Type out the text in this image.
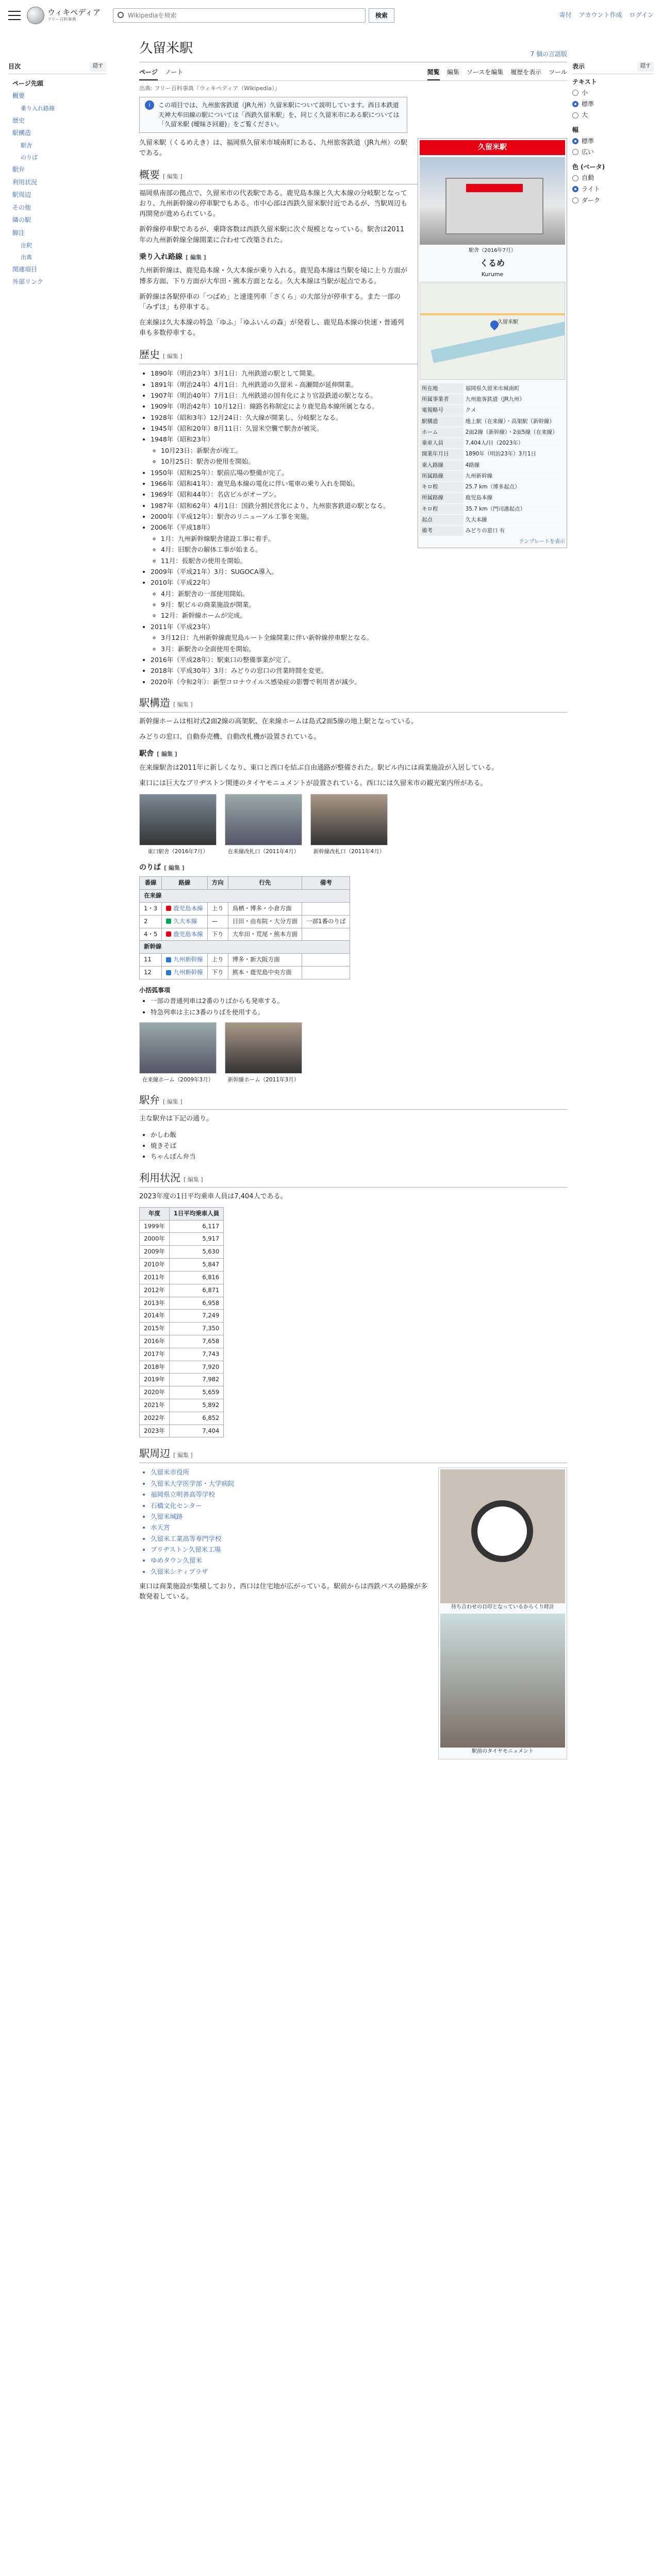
ウィキペディア
フリー百科事典
Wikipediaを検索	検索	寄付 アカウント作成 ログイン
目次	隠す
ページ先頭
概要
乗り入れ路線
歴史
駅構造
駅舎
のりば
駅弁
利用状況
駅周辺
その他
隣の駅
脚注
注釈
出典
関連項目
外部リンク
表示	隠す
テキスト
小
標準
大
幅
標準
広い
色 (ベータ)
自動
ライト
ダーク
久留米駅	7 個の言語版
ページ ノート	閲覧 編集 ソースを編集 履歴を表示 ツール
出典: フリー百科事典『ウィキペディア（Wikipedia）』
i	この項目では、九州旅客鉄道（JR九州）久留米駅について説明しています。西日本鉄道天神大牟田線の駅については「西鉄久留米駅」を、同じく久留米市にある駅については「久留米駅 (曖昧さ回避)」をご覧ください。
久留米駅
駅舎（2016年7月）
くるめ
Kurume
久留米駅
所在地	福岡県久留米市城南町
所属事業者	九州旅客鉄道（JR九州）
電報略号	クメ
駅構造	地上駅（在来線）・高架駅（新幹線）
ホーム	2面2線（新幹線）・2面5線（在来線）
乗車人員	7,404人/日（2023年）
開業年月日	1890年（明治23年）3月1日
乗入路線	4路線
所属路線	九州新幹線
キロ程	25.7 km（博多起点）
所属路線	鹿児島本線
キロ程	35.7 km（門司港起点）
起点	久大本線
備考	みどりの窓口 有
テンプレートを表示

久留米駅（くるめえき）は、福岡県久留米市城南町にある、九州旅客鉄道（JR九州）の駅である。

概要 [ 編集 ]

福岡県南部の拠点で、久留米市の代表駅である。鹿児島本線と久大本線の分岐駅となっており、九州新幹線の停車駅でもある。市中心部は西鉄久留米駅付近であるが、当駅周辺も再開発が進められている。

新幹線停車駅であるが、乗降客数は西鉄久留米駅に次ぐ規模となっている。駅舎は2011年の九州新幹線全線開業に合わせて改築された。

乗り入れ路線 [ 編集 ]

九州新幹線は、鹿児島本線・久大本線が乗り入れる。鹿児島本線は当駅を境に上り方面が博多方面、下り方面が大牟田・熊本方面となる。久大本線は当駅が起点である。

新幹線は各駅停車の「つばめ」と速達列車「さくら」の大部分が停車する。また一部の「みずほ」も停車する。

在来線は久大本線の特急「ゆふ」「ゆふいんの森」が発着し、鹿児島本線の快速・普通列車も多数停車する。

歴史 [ 編集 ]
• 1890年（明治23年）3月1日：九州鉄道の駅として開業。
• 1891年（明治24年）4月1日：九州鉄道の久留米 - 高瀬間が延伸開業。
• 1907年（明治40年）7月1日：九州鉄道の国有化により官設鉄道の駅となる。
• 1909年（明治42年）10月12日：線路名称制定により鹿児島本線所属となる。
• 1928年（昭和3年）12月24日：久大線が開業し、分岐駅となる。
• 1945年（昭和20年）8月11日：久留米空襲で駅舎が被災。
• 1948年（昭和23年）
◦ 10月23日：新駅舎が竣工。
◦ 10月25日：駅舎の使用を開始。
• 1950年（昭和25年）：駅前広場の整備が完了。
• 1966年（昭和41年）：鹿児島本線の電化に伴い電車の乗り入れを開始。
• 1969年（昭和44年）：名店ビルがオープン。
• 1987年（昭和62年）4月1日：国鉄分割民営化により、九州旅客鉄道の駅となる。
• 2000年（平成12年）：駅舎のリニューアル工事を実施。
• 2006年（平成18年）
◦ 1月：九州新幹線駅舎建設工事に着手。
◦ 4月：旧駅舎の解体工事が始まる。
◦ 11月：仮駅舎の使用を開始。
• 2009年（平成21年）3月：SUGOCA導入。
• 2010年（平成22年）
◦ 4月：新駅舎の一部使用開始。
◦ 9月：駅ビルの商業施設が開業。
◦ 12月：新幹線ホームが完成。
• 2011年（平成23年）
◦ 3月12日：九州新幹線鹿児島ルート全線開業に伴い新幹線停車駅となる。
◦ 3月：新駅舎の全面使用を開始。
• 2016年（平成28年）：駅東口の整備事業が完了。
• 2018年（平成30年）3月：みどりの窓口の営業時間を変更。
• 2020年（令和2年）：新型コロナウイルス感染症の影響で利用者が減少。
駅構造 [ 編集 ]

新幹線ホームは相対式2面2線の高架駅、在来線ホームは島式2面5線の地上駅となっている。

みどりの窓口、自動券売機、自動改札機が設置されている。

駅舎 [ 編集 ]

在来線駅舎は2011年に新しくなり、東口と西口を結ぶ自由通路が整備された。駅ビル内には商業施設が入居している。

東口には巨大なブリヂストン関連のタイヤモニュメントが設置されている。西口には久留米市の観光案内所がある。

東口駅舎（2016年7月）	在来線改札口（2011年4月）	新幹線改札口（2011年4月）
のりば [ 編集 ]
番線	路線	方向	行先	備考
在来線				
1・3	鹿児島本線	上り	鳥栖・博多・小倉方面	
2	久大本線	—	日田・由布院・大分方面	一部1番のりば
4・5	鹿児島本線	下り	大牟田・荒尾・熊本方面	
新幹線				
11	九州新幹線	上り	博多・新大阪方面	
12	九州新幹線	下り	熊本・鹿児島中央方面	
小括弧事項
• 一部の普通列車は2番のりばからも発車する。
• 特急列車は主に3番のりばを使用する。
在来線ホーム（2009年3月）	新幹線ホーム（2011年3月）
駅弁 [ 編集 ]

主な駅弁は下記の通り。

• かしわ飯
• 焼きそば
• ちゃんぽん弁当
利用状況 [ 編集 ]

2023年度の1日平均乗車人員は7,404人である。

年度	1日平均乗車人員
1999年	6,117
2000年	5,917
2009年	5,630
2010年	5,847
2011年	6,816
2012年	6,871
2013年	6,958
2014年	7,249
2015年	7,350
2016年	7,658
2017年	7,743
2018年	7,920
2019年	7,982
2020年	5,659
2021年	5,892
2022年	6,852
2023年	7,404
駅周辺 [ 編集 ]
待ち合わせの目印となっているからくり時計
駅前のタイヤモニュメント
• 久留米市役所
• 久留米大学医学部・大学病院
• 福岡県立明善高等学校
• 石橋文化センター
• 久留米城跡
• 水天宮
• 久留米工業高等専門学校
• ブリヂストン久留米工場
• ゆめタウン久留米
• 久留米シティプラザ

東口は商業施設が集積しており、西口は住宅地が広がっている。駅前からは西鉄バスの路線が多数発着している。
